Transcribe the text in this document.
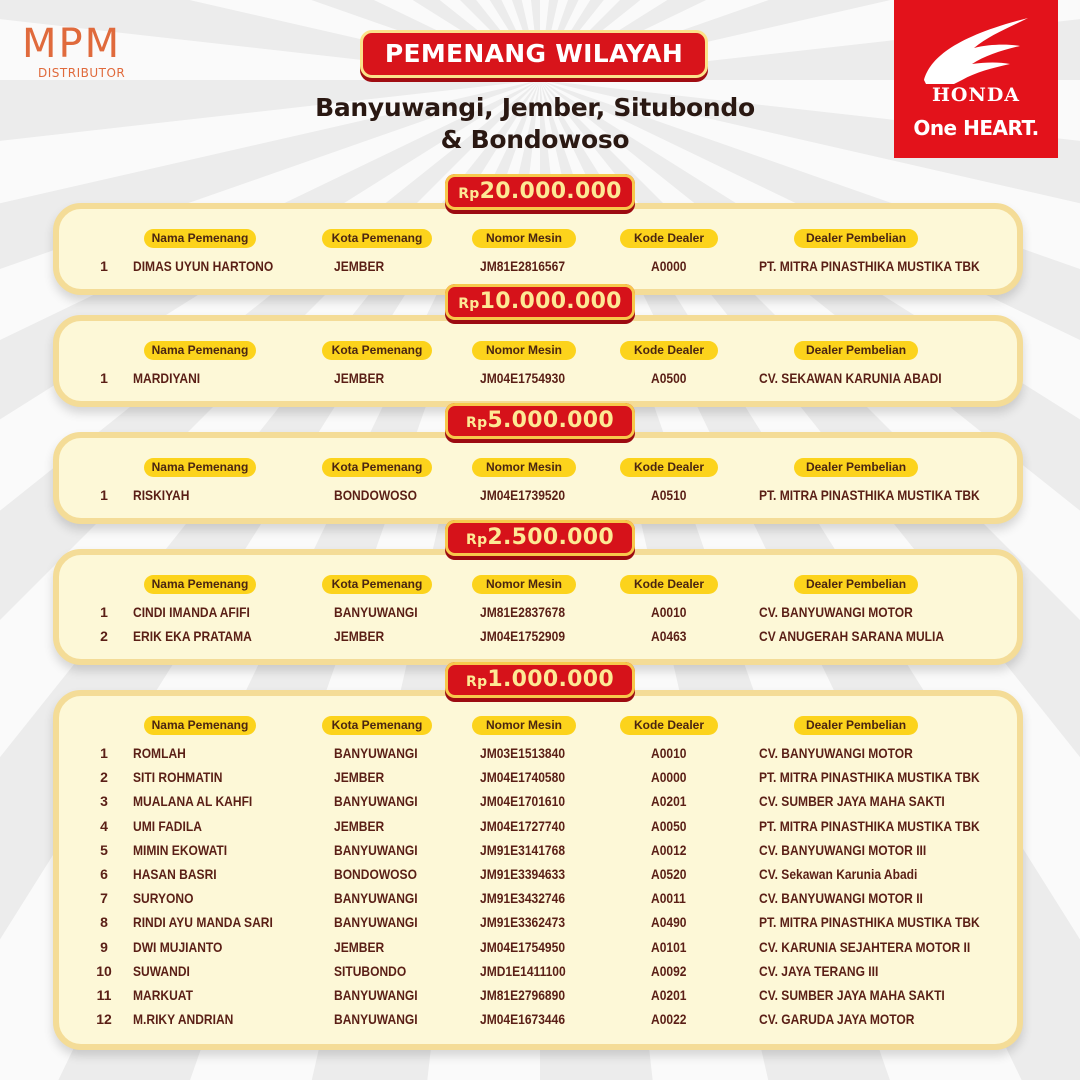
MPM
DISTRIBUTOR
HONDA
One HEART.
PEMENANG WILAYAH
Banyuwangi, Jember, Situbondo
& Bondowoso
Nama Pemenang	Kota Pemenang	Nomor Mesin	Kode Dealer	Dealer Pembelian
1	DIMAS UYUN HARTONO	JEMBER	JM81E2816567	A0000	PT. MITRA PINASTHIKA MUSTIKA TBK
Rp20.000.000
Nama Pemenang	Kota Pemenang	Nomor Mesin	Kode Dealer	Dealer Pembelian
1	MARDIYANI	JEMBER	JM04E1754930	A0500	CV. SEKAWAN KARUNIA ABADI
Rp10.000.000
Nama Pemenang	Kota Pemenang	Nomor Mesin	Kode Dealer	Dealer Pembelian
1	RISKIYAH	BONDOWOSO	JM04E1739520	A0510	PT. MITRA PINASTHIKA MUSTIKA TBK
Rp5.000.000
Nama Pemenang	Kota Pemenang	Nomor Mesin	Kode Dealer	Dealer Pembelian
1	CINDI IMANDA AFIFI	BANYUWANGI	JM81E2837678	A0010	CV. BANYUWANGI MOTOR
2	ERIK EKA PRATAMA	JEMBER	JM04E1752909	A0463	CV ANUGERAH SARANA MULIA
Rp2.500.000
Nama Pemenang	Kota Pemenang	Nomor Mesin	Kode Dealer	Dealer Pembelian
1	ROMLAH	BANYUWANGI	JM03E1513840	A0010	CV. BANYUWANGI MOTOR
2	SITI ROHMATIN	JEMBER	JM04E1740580	A0000	PT. MITRA PINASTHIKA MUSTIKA TBK
3	MUALANA AL KAHFI	BANYUWANGI	JM04E1701610	A0201	CV. SUMBER JAYA MAHA SAKTI
4	UMI FADILA	JEMBER	JM04E1727740	A0050	PT. MITRA PINASTHIKA MUSTIKA TBK
5	MIMIN EKOWATI	BANYUWANGI	JM91E3141768	A0012	CV. BANYUWANGI MOTOR III
6	HASAN BASRI	BONDOWOSO	JM91E3394633	A0520	CV. Sekawan Karunia Abadi
7	SURYONO	BANYUWANGI	JM91E3432746	A0011	CV. BANYUWANGI MOTOR II
8	RINDI AYU MANDA SARI	BANYUWANGI	JM91E3362473	A0490	PT. MITRA PINASTHIKA MUSTIKA TBK
9	DWI MUJIANTO	JEMBER	JM04E1754950	A0101	CV. KARUNIA SEJAHTERA MOTOR II
10 SUWANDI	SITUBONDO	JMD1E1411100	A0092	CV. JAYA TERANG III
11 MARKUAT	BANYUWANGI	JM81E2796890	A0201	CV. SUMBER JAYA MAHA SAKTI
12 M.RIKY ANDRIAN	BANYUWANGI	JM04E1673446	A0022	CV. GARUDA JAYA MOTOR
Rp1.000.000
